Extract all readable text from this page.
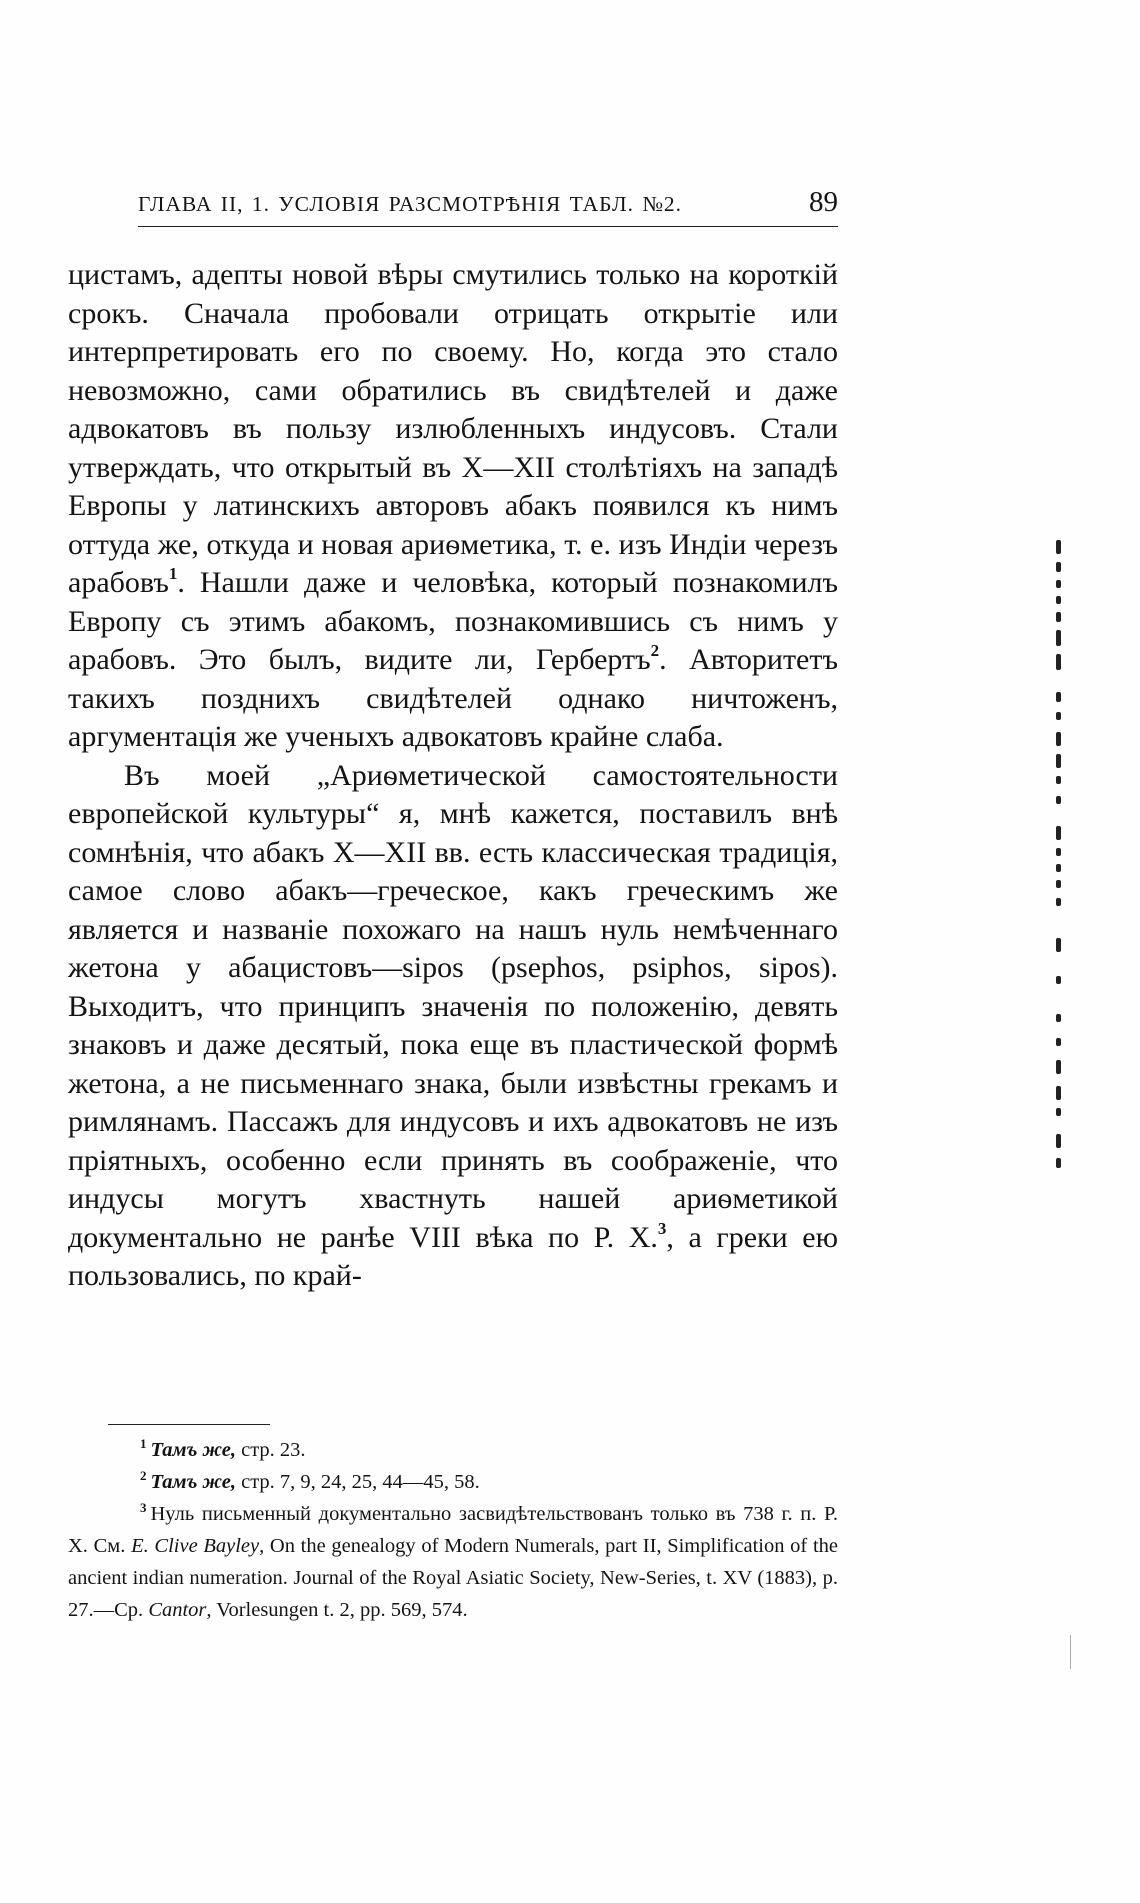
ГЛАВА II, 1. УСЛОВІЯ РАЗСМОТРѢНІЯ ТАБЛ. №2.	89

цистамъ, адепты новой вѣры смутились только на короткій срокъ. Сначала пробовали отрицать открытіе или интерпретировать его по своему. Но, когда это стало невозможно, сами обратились въ свидѣтелей и даже адвокатовъ въ пользу излюбленныхъ индусовъ. Стали утверждать, что открытый въ X—XII столѣтіяхъ на западѣ Европы у латинскихъ авторовъ абакъ появился къ нимъ оттуда же, откуда и новая ариѳметика, т. е. изъ Индіи черезъ арабовъ$^1$. Нашли даже и человѣка, который познакомилъ Европу съ этимъ абакомъ, познакомившись съ нимъ у арабовъ. Это былъ, видите ли, Гербертъ$^2$. Авторитетъ такихъ позднихъ свидѣтелей однако ничтоженъ, аргументація же ученыхъ адвокатовъ крайне слаба.

Въ моей „Ариѳметической самостоятельности европейской культуры“ я, мнѣ кажется, поставилъ внѣ сомнѣнія, что абакъ X—XII вв. есть классическая традиція, самое слово абакъ—греческое, какъ греческимъ же является и названіе похожаго на нашъ нуль немѣченнаго жетона у абацистовъ—sipos (psephos, psiphos, sipos). Выходитъ, что принципъ значенія по положенію, девять знаковъ и даже десятый, пока еще въ пластической формѣ жетона, а не письменнаго знака, были извѣстны грекамъ и римлянамъ. Пассажъ для индусовъ и ихъ адвокатовъ не изъ пріятныхъ, особенно если принять въ соображеніе, что индусы могутъ хвастнуть нашей ариѳметикой документально не ранѣе VIII вѣка по Р. Х.$^3$, а греки ею пользовались, по край-

$^1$ Тамъ же, стр. 23.

$^2$ Тамъ же, стр. 7, 9, 24, 25, 44—45, 58.

$^3$ Нуль письменный документально засвидѣтельствованъ только въ 738 г. п. Р. Х. См. E. Clive Bayley, On the genealogy of Modern Numerals, part II, Simplification of the ancient indian numeration. Journal of the Royal Asiatic Society, New-Series, t. XV (1883), p. 27.—Ср. Cantor, Vorlesungen t. 2, pp. 569, 574.
